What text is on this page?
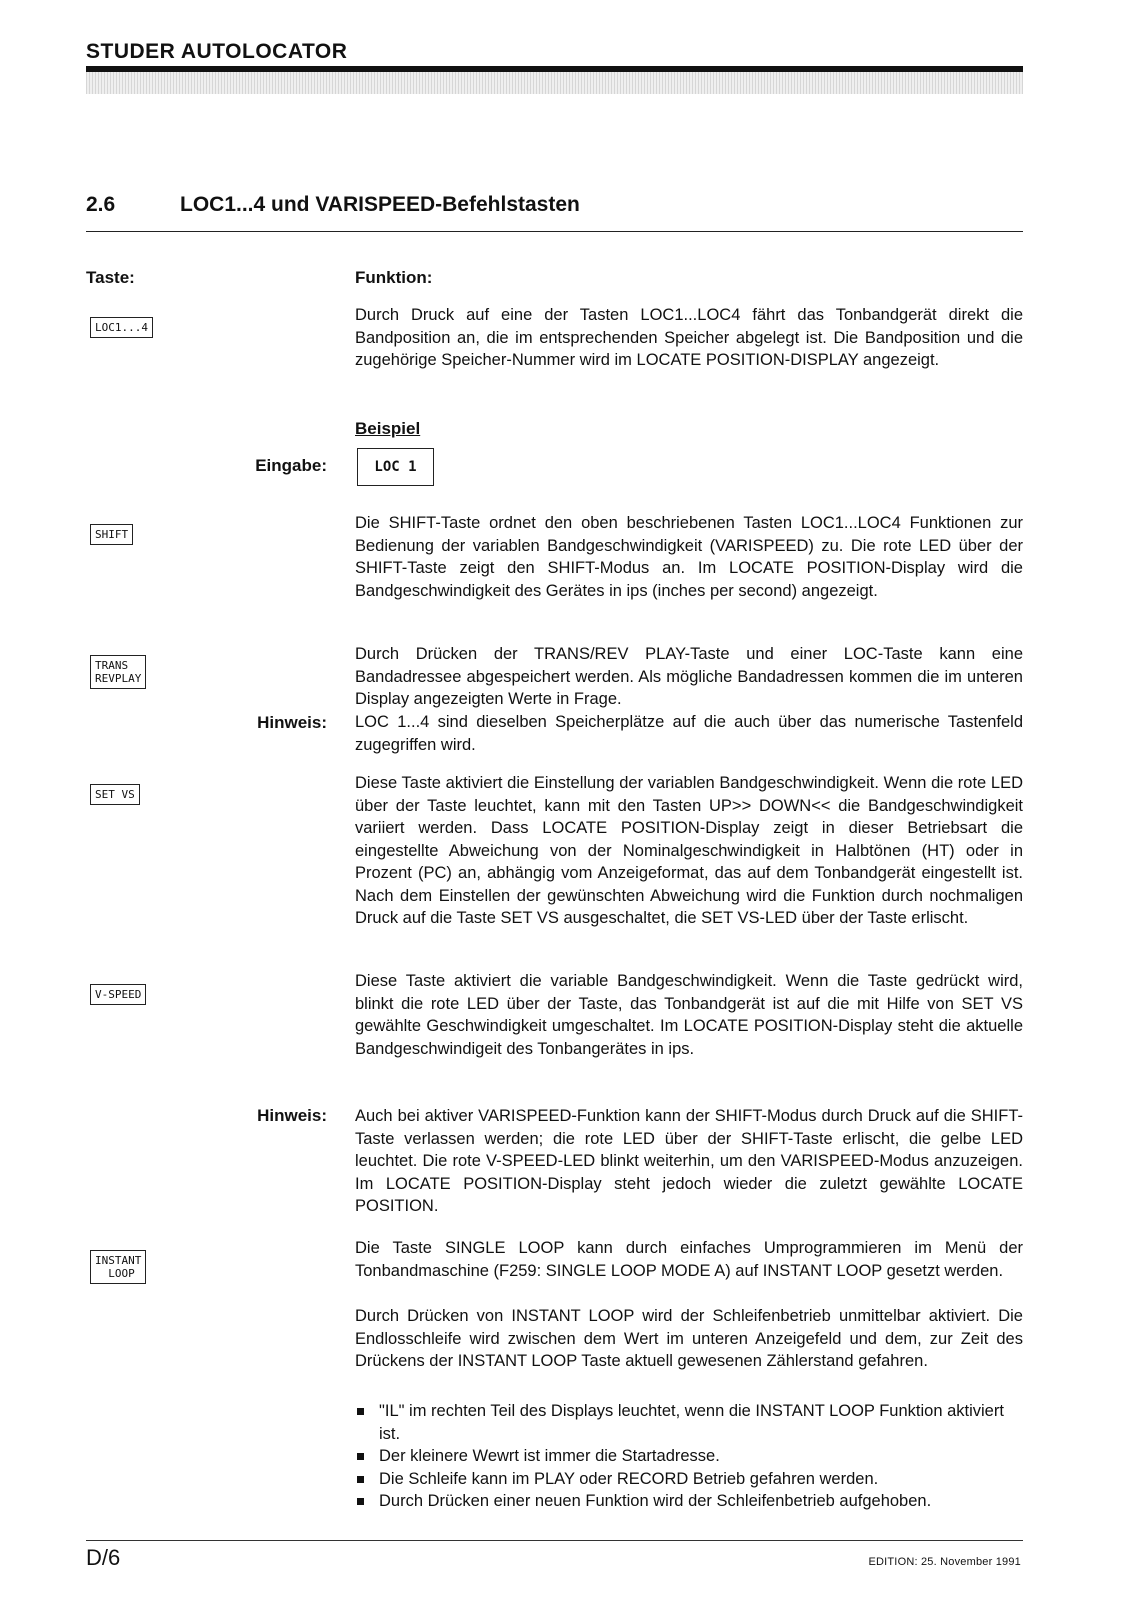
STUDER AUTOLOCATOR
2.6	LOC1...4 und VARISPEED-Befehlstasten
Taste:	Funktion:
LOC1...4
Durch Druck auf eine der Tasten LOC1...LOC4 fährt das Tonbandgerät direkt die Bandposition an, die im entsprechenden Speicher abgelegt ist. Die Bandposition und die zugehörige Speicher-Nummer wird im LOCATE POSITION-DISPLAY angezeigt.
Beispiel
Eingabe:	LOC 1
SHIFT
Die SHIFT-Taste ordnet den oben beschriebenen Tasten LOC1...LOC4 Funktionen zur Bedienung der variablen Bandgeschwindigkeit (VARISPEED) zu. Die rote LED über der SHIFT-Taste zeigt den SHIFT-Modus an. Im LOCATE POSITION-Display wird die Bandgeschwindigkeit des Gerätes in ips (inches per second) angezeigt.
TRANS
REVPLAY
Durch Drücken der TRANS/REV PLAY-Taste und einer LOC-Taste kann eine Bandadressee abgespeichert werden. Als mögliche Bandadressen kommen die im unteren Display angezeigten Werte in Frage.
Hinweis: LOC 1...4 sind dieselben Speicherplätze auf die auch über das numerische Tastenfeld zugegriffen wird.
SET VS
Diese Taste aktiviert die Einstellung der variablen Bandgeschwindigkeit. Wenn die rote LED über der Taste leuchtet, kann mit den Tasten UP>> DOWN<< die Bandgeschwindigkeit variiert werden. Dass LOCATE POSITION-Display zeigt in dieser Betriebsart die eingestellte Abweichung von der Nominalgeschwindigkeit in Halbtönen (HT) oder in Prozent (PC) an, abhängig vom Anzeigeformat, das auf dem Tonbandgerät eingestellt ist. Nach dem Einstellen der gewünschten Abweichung wird die Funktion durch nochmaligen Druck auf die Taste SET VS ausgeschaltet, die SET VS-LED über der Taste erlischt.
V-SPEED
Diese Taste aktiviert die variable Bandgeschwindigkeit. Wenn die Taste gedrückt wird, blinkt die rote LED über der Taste, das Tonbandgerät ist auf die mit Hilfe von SET VS gewählte Geschwindigkeit umgeschaltet. Im LOCATE POSITION-Display steht die aktuelle Bandgeschwindigeit des Tonbangerätes in ips.
Hinweis: Auch bei aktiver VARISPEED-Funktion kann der SHIFT-Modus durch Druck auf die SHIFT-Taste verlassen werden; die rote LED über der SHIFT-Taste erlischt, die gelbe LED leuchtet. Die rote V-SPEED-LED blinkt weiterhin, um den VARISPEED-Modus anzuzeigen. Im LOCATE POSITION-Display steht jedoch wieder die zuletzt gewählte LOCATE POSITION.
INSTANT
LOOP
Die Taste SINGLE LOOP kann durch einfaches Umprogrammieren im Menü der Tonbandmaschine (F259: SINGLE LOOP MODE A) auf INSTANT LOOP gesetzt werden.
Durch Drücken von INSTANT LOOP wird der Schleifenbetrieb unmittelbar aktiviert. Die Endlosschleife wird zwischen dem Wert im unteren Anzeigefeld und dem, zur Zeit des Drückens der INSTANT LOOP Taste aktuell gewesenen Zählerstand gefahren.
"IL" im rechten Teil des Displays leuchtet, wenn die INSTANT LOOP Funktion aktiviert ist.
Der kleinere Wewrt ist immer die Startadresse.
Die Schleife kann im PLAY oder RECORD Betrieb gefahren werden.
Durch Drücken einer neuen Funktion wird der Schleifenbetrieb aufgehoben.
D/6	EDITION: 25. November 1991
